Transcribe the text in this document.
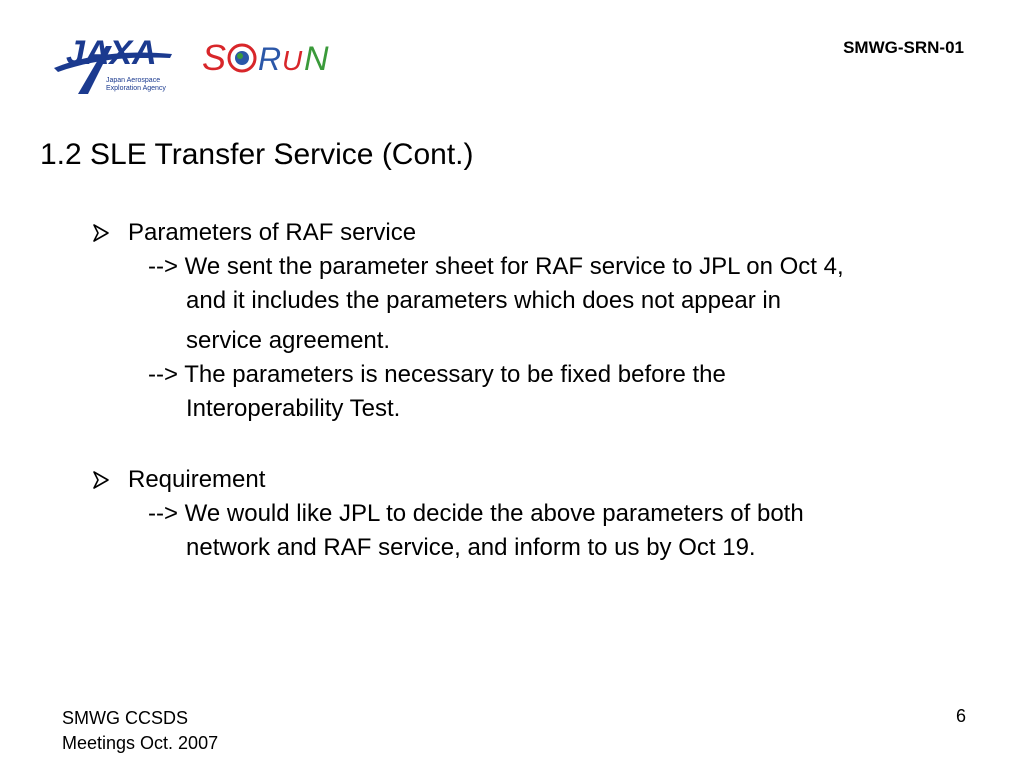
JAXA
Japan Aerospace
Exploration Agency
S R U N	SMWG-SRN-01
1.2 SLE Transfer Service (Cont.)
Parameters of RAF service
--> We sent the parameter sheet for RAF service to JPL on Oct 4,
and it includes the parameters which does not appear in
service agreement.
--> The parameters is necessary to be fixed before the
Interoperability Test.
Requirement
--> We would like JPL to decide the above parameters of both
network and RAF service, and inform to us by Oct 19.
SMWG CCSDS
Meetings Oct. 2007
6
